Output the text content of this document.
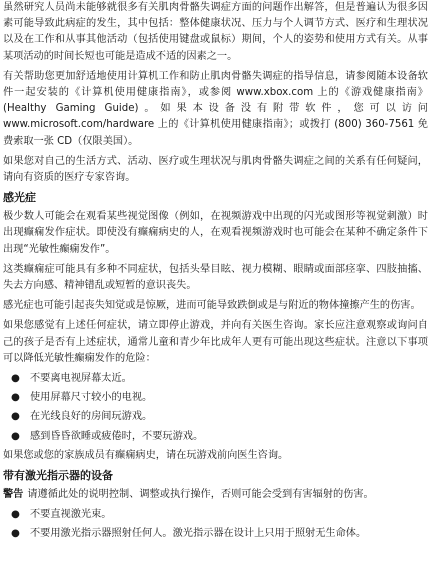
虽然研究人员尚未能够就很多有关肌肉骨骼失调症方面的问题作出解答，但是普遍认为很多因素可能导致此病症的发生，其中包括：整体健康状况、压力与个人调节方式、医疗和生理状况以及在工作和从事其他活动（包括使用键盘或鼠标）期间，个人的姿势和使用方式有关。从事某项活动的时间长短也可能是造成不适的因素之一。

有关帮助您更加舒适地使用计算机工作和防止肌肉骨骼失调症的指导信息，请参阅随本设备软件一起安装的《计算机使用健康指南》，或参阅 www.xbox.com 上的《游戏健康指南》(Healthy Gaming Guide)。如果本设备没有附带软件，您可以访问 www.microsoft.com/hardware 上的《计算机使用健康指南》；或拨打 (800) 360-7561 免费索取一张 CD（仅限美国）。

如果您对自己的生活方式、活动、医疗或生理状况与肌肉骨骼失调症之间的关系有任何疑问，请向有资质的医疗专家咨询。

感光症

极少数人可能会在观看某些视觉图像（例如，在视频游戏中出现的闪光或图形等视觉刺激）时出现癫痫发作症状。即使没有癫痫病史的人，在观看视频游戏时也可能会在某种不确定条件下出现“光敏性癫痫发作”。

这类癫痫症可能具有多种不同症状，包括头晕目眩、视力模糊、眼睛或面部痉挛、四肢抽搐、失去方向感、精神错乱或短暂的意识丧失。

感光症也可能引起丧失知觉或是惊厥，进而可能导致跌倒或是与附近的物体撞擦产生的伤害。

如果您感觉有上述任何症状，请立即停止游戏，并向有关医生咨询。家长应注意观察或询问自己的孩子是否有上述症状，通常儿童和青少年比成年人更有可能出现这些症状。注意以下事项可以降低光敏性癫痫发作的危险：

● 不要离电视屏幕太近。
● 使用屏幕尺寸较小的电视。
● 在光线良好的房间玩游戏。
● 感到昏昏欲睡或疲倦时，不要玩游戏。

如果您或您的家族成员有癫痫病史，请在玩游戏前向医生咨询。

带有激光指示器的设备

警告 请遵循此处的说明控制、调整或执行操作，否则可能会受到有害辐射的伤害。

● 不要直视激光束。
● 不要用激光指示器照射任何人。激光指示器在设计上只用于照射无生命体。
